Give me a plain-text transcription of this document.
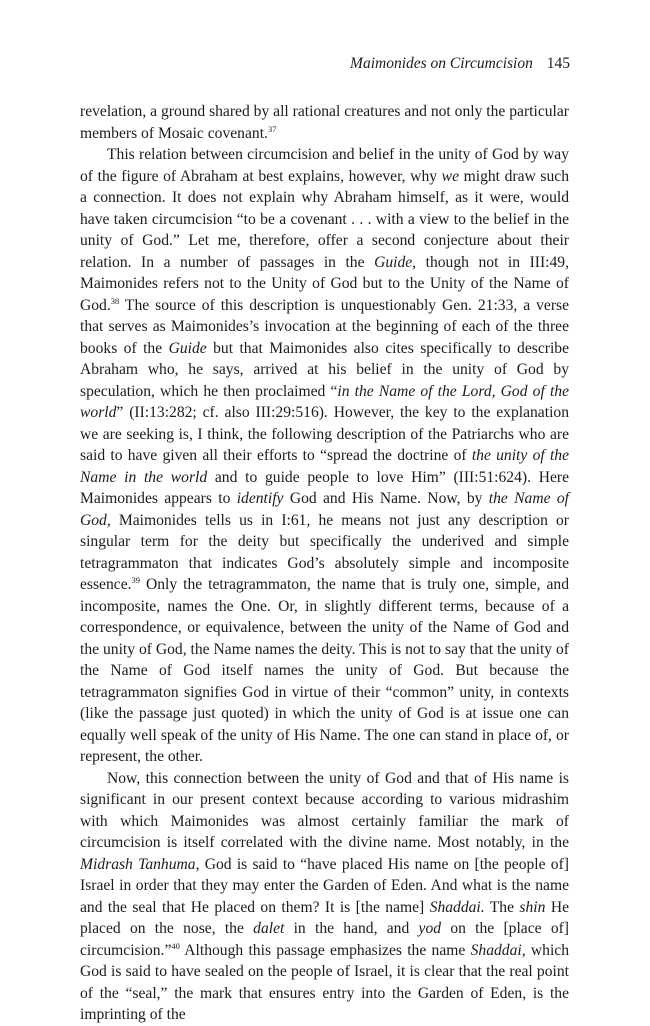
Maimonides on Circumcision 145

revelation, a ground shared by all rational creatures and not only the particular members of Mosaic covenant.$^{37}$

This relation between circumcision and belief in the unity of God by way of the figure of Abraham at best explains, however, why we might draw such a connection. It does not explain why Abraham himself, as it were, would have taken circumcision “to be a covenant . . . with a view to the belief in the unity of God.” Let me, therefore, offer a second conjecture about their relation. In a number of passages in the Guide, though not in III:49, Maimonides refers not to the Unity of God but to the Unity of the Name of God.$^{38}$ The source of this description is unquestionably Gen. 21:33, a verse that serves as Maimonides’s invocation at the beginning of each of the three books of the Guide but that Maimonides also cites specifically to describe Abraham who, he says, arrived at his belief in the unity of God by speculation, which he then proclaimed “in the Name of the Lord, God of the world” (II:13:282; cf. also III:29:516). However, the key to the explanation we are seeking is, I think, the following description of the Patriarchs who are said to have given all their efforts to “spread the doctrine of the unity of the Name in the world and to guide people to love Him” (III:51:624). Here Maimonides appears to identify God and His Name. Now, by the Name of God, Maimonides tells us in I:61, he means not just any description or singular term for the deity but specifically the underived and simple tetragrammaton that indicates God’s absolutely simple and incomposite essence.$^{39}$ Only the tetragrammaton, the name that is truly one, simple, and incomposite, names the One. Or, in slightly different terms, because of a correspondence, or equivalence, between the unity of the Name of God and the unity of God, the Name names the deity. This is not to say that the unity of the Name of God itself names the unity of God. But because the tetragrammaton signifies God in virtue of their “common” unity, in contexts (like the passage just quoted) in which the unity of God is at issue one can equally well speak of the unity of His Name. The one can stand in place of, or represent, the other.

Now, this connection between the unity of God and that of His name is significant in our present context because according to various midrashim with which Maimonides was almost certainly familiar the mark of circumcision is itself correlated with the divine name. Most notably, in the Midrash Tanhuma, God is said to “have placed His name on [the people of] Israel in order that they may enter the Garden of Eden. And what is the name and the seal that He placed on them? It is [the name] Shaddai. The shin He placed on the nose, the dalet in the hand, and yod on the [place of] circumcision.”$^{40}$ Although this passage emphasizes the name Shaddai, which God is said to have sealed on the people of Israel, it is clear that the real point of the “seal,” the mark that ensures entry into the Garden of Eden, is the imprinting of the
